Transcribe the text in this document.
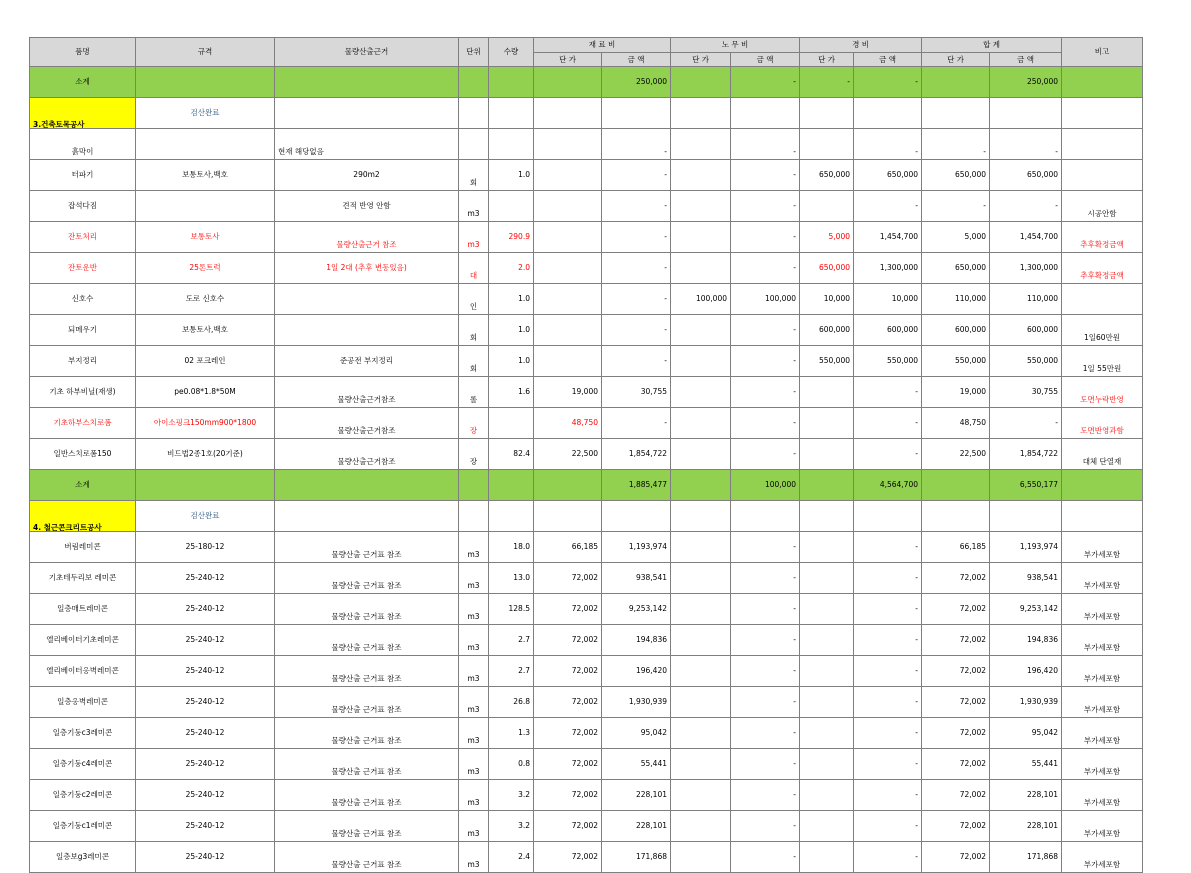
품명	규격	물량산출근거	단위	수량	재 료 비		노 무 비		경 비		합 계		비고
					단 가	금 액	단 가	금 액	단 가	금 액	단 가	금 액	
소계						250,000		-	-	-		250,000	
3.건축토목공사	검산완료												
흙막이		현재 해당없음				-		-		-	-	-	
터파기	보통토사,백호	290m2	회	1.0		-		-	650,000	650,000	650,000	650,000	
잡석다짐		견적 반영 안함	m3			-		-		-	-	-	시공안함
잔토처리	보통토사	물량산출근거 참조	m3	290.9		-		-	5,000	1,454,700	5,000	1,454,700	추후확정금액
잔토운반	25톤트럭	1일 2대 (추후 변동있음)	대	2.0		-		-	650,000	1,300,000	650,000	1,300,000	추후확정금액
신호수	도로 신호수		인	1.0		-	100,000	100,000	10,000	10,000	110,000	110,000	
되메우기	보통토사,백호		회	1.0		-		-	600,000	600,000	600,000	600,000	1일60만원
부지정리	02 포크레인	준공전 부지정리	회	1.0		-		-	550,000	550,000	550,000	550,000	1일 55만원
기초 하부비닐(재생)	pe0.08*1.8*50M	물량산출근거참조	롤	1.6	19,000	30,755		-		-	19,000	30,755	도면누락반영
기초하부스치로폼	아이소핑크150mm900*1800	물량산출근거참조	장		48,750	-		-		-	48,750	-	도면반영과함
일반스치로폼150	비드법2종1호(20기준)	물량산출근거참조	장	82.4	22,500	1,854,722		-		-	22,500	1,854,722	대체 단열재
소계						1,885,477		100,000		4,564,700		6,550,177	
4. 철근콘크리트공사	검산완료												
버림레미콘	25-180-12	물량산출 근거표 참조	m3	18.0	66,185	1,193,974		-		-	66,185	1,193,974	부가세포함
기초테두리보 레미콘	25-240-12	물량산출 근거표 참조	m3	13.0	72,002	938,541		-		-	72,002	938,541	부가세포함
일층매트레미콘	25-240-12	물량산출 근거표 참조	m3	128.5	72,002	9,253,142		-		-	72,002	9,253,142	부가세포함
엘리베이터기초레미콘	25-240-12	물량산출 근거표 참조	m3	2.7	72,002	194,836		-		-	72,002	194,836	부가세포함
엘리베이터옹벽레미콘	25-240-12	물량산출 근거표 참조	m3	2.7	72,002	196,420		-		-	72,002	196,420	부가세포함
일층옹벽레미콘	25-240-12	물량산출 근거표 참조	m3	26.8	72,002	1,930,939		-		-	72,002	1,930,939	부가세포함
일층기둥c3레미콘	25-240-12	물량산출 근거표 참조	m3	1.3	72,002	95,042		-		-	72,002	95,042	부가세포함
일층기둥c4레미콘	25-240-12	물량산출 근거표 참조	m3	0.8	72,002	55,441		-		-	72,002	55,441	부가세포함
일층기둥c2레미콘	25-240-12	물량산출 근거표 참조	m3	3.2	72,002	228,101		-		-	72,002	228,101	부가세포함
일층기둥c1레미콘	25-240-12	물량산출 근거표 참조	m3	3.2	72,002	228,101		-		-	72,002	228,101	부가세포함
일층보g3레미콘	25-240-12	물량산출 근거표 참조	m3	2.4	72,002	171,868		-		-	72,002	171,868	부가세포함
